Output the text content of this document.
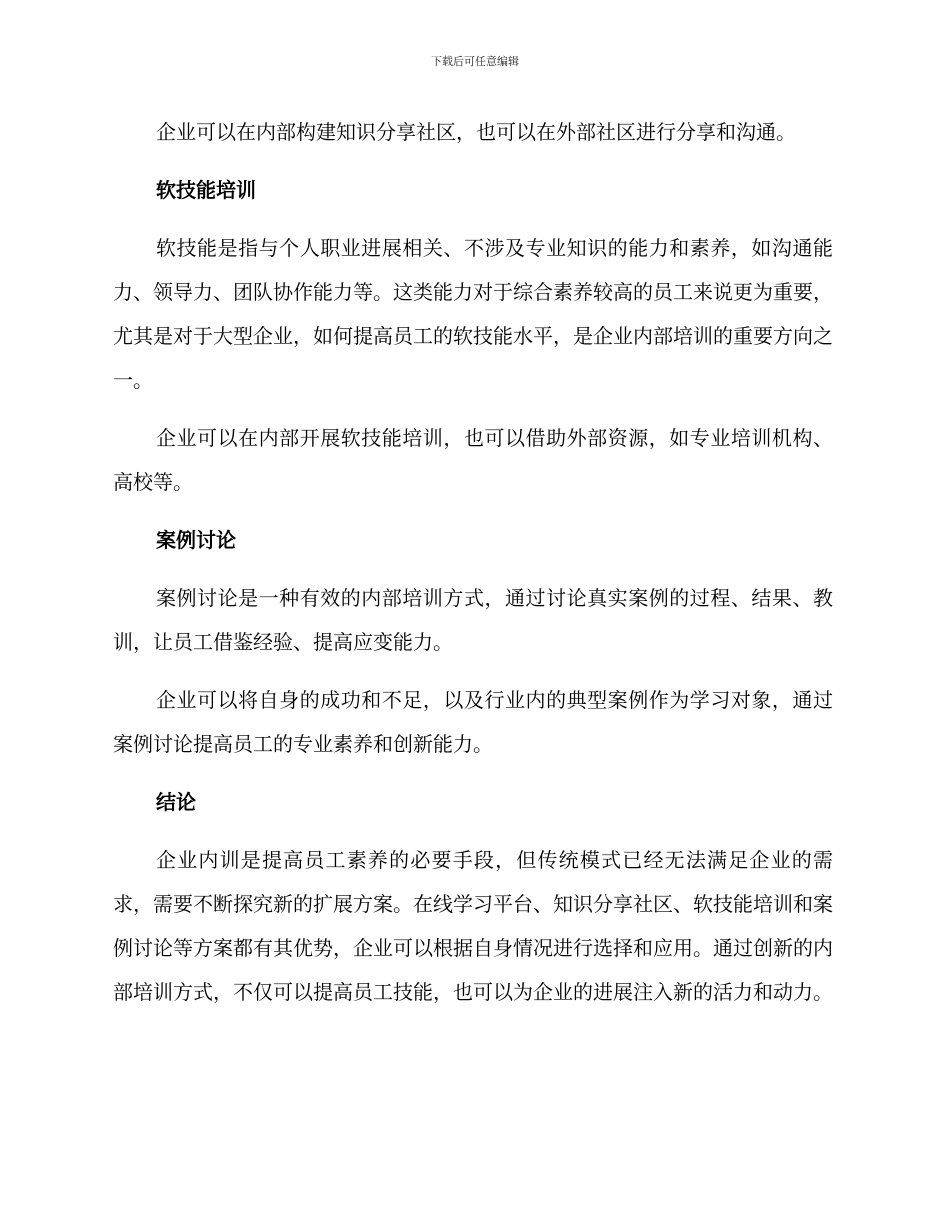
下载后可任意编辑

企业可以在内部构建知识分享社区，也可以在外部社区进行分享和沟通。

软技能培训

软技能是指与个人职业进展相关、不涉及专业知识的能力和素养，如沟通能力、领导力、团队协作能力等。这类能力对于综合素养较高的员工来说更为重要，尤其是对于大型企业，如何提高员工的软技能水平，是企业内部培训的重要方向之一。

企业可以在内部开展软技能培训，也可以借助外部资源，如专业培训机构、高校等。

案例讨论

案例讨论是一种有效的内部培训方式，通过讨论真实案例的过程、结果、教训，让员工借鉴经验、提高应变能力。

企业可以将自身的成功和不足，以及行业内的典型案例作为学习对象，通过案例讨论提高员工的专业素养和创新能力。

结论

企业内训是提高员工素养的必要手段，但传统模式已经无法满足企业的需求，需要不断探究新的扩展方案。在线学习平台、知识分享社区、软技能培训和案例讨论等方案都有其优势，企业可以根据自身情况进行选择和应用。通过创新的内部培训方式，不仅可以提高员工技能，也可以为企业的进展注入新的活力和动力。
